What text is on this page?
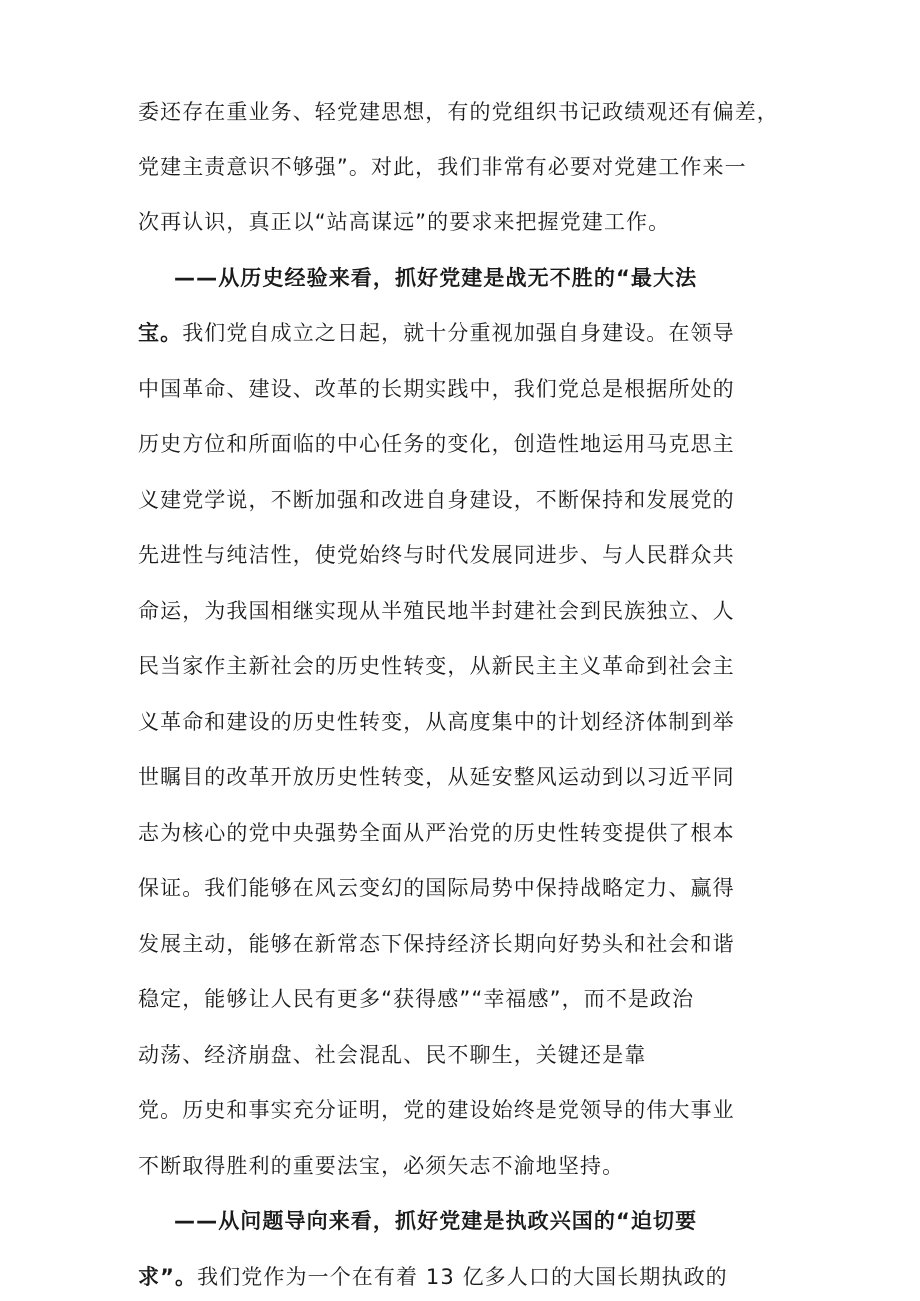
委还存在重业务、轻党建思想，有的党组织书记政绩观还有偏差，
党建主责意识不够强”。对此，我们非常有必要对党建工作来一
次再认识，真正以“站高谋远”的要求来把握党建工作。
——从历史经验来看，抓好党建是战无不胜的“最大法
宝。我们党自成立之日起，就十分重视加强自身建设。在领导
中国革命、建设、改革的长期实践中，我们党总是根据所处的
历史方位和所面临的中心任务的变化，创造性地运用马克思主
义建党学说，不断加强和改进自身建设，不断保持和发展党的
先进性与纯洁性，使党始终与时代发展同进步、与人民群众共
命运，为我国相继实现从半殖民地半封建社会到民族独立、人
民当家作主新社会的历史性转变，从新民主主义革命到社会主
义革命和建设的历史性转变，从高度集中的计划经济体制到举
世瞩目的改革开放历史性转变，从延安整风运动到以习近平同
志为核心的党中央强势全面从严治党的历史性转变提供了根本
保证。我们能够在风云变幻的国际局势中保持战略定力、赢得
发展主动，能够在新常态下保持经济长期向好势头和社会和谐
稳定，能够让人民有更多“获得感”“幸福感”，而不是政治
动荡、经济崩盘、社会混乱、民不聊生，关键还是靠
党。历史和事实充分证明，党的建设始终是党领导的伟大事业
不断取得胜利的重要法宝，必须矢志不渝地坚持。
——从问题导向来看，抓好党建是执政兴国的“迫切要
求”。我们党作为一个在有着 13 亿多人口的大国长期执政的
